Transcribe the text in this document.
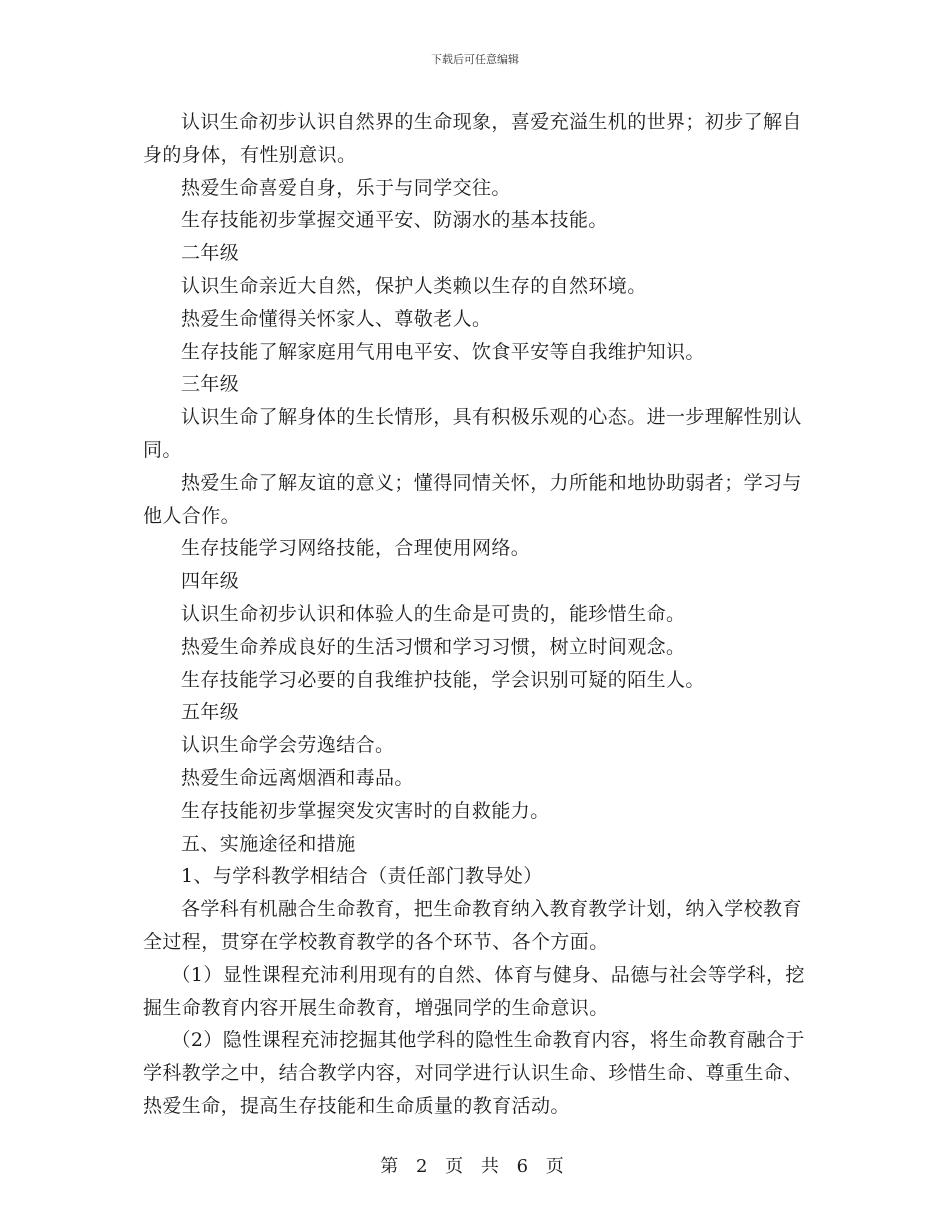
下载后可任意编辑

认识生命初步认识自然界的生命现象，喜爱充溢生机的世界；初步了解自身的身体，有性别意识。

热爱生命喜爱自身，乐于与同学交往。

生存技能初步掌握交通平安、防溺水的基本技能。

二年级

认识生命亲近大自然，保护人类赖以生存的自然环境。

热爱生命懂得关怀家人、尊敬老人。

生存技能了解家庭用气用电平安、饮食平安等自我维护知识。

三年级

认识生命了解身体的生长情形，具有积极乐观的心态。进一步理解性别认同。

热爱生命了解友谊的意义；懂得同情关怀，力所能和地协助弱者；学习与他人合作。

生存技能学习网络技能，合理使用网络。

四年级

认识生命初步认识和体验人的生命是可贵的，能珍惜生命。

热爱生命养成良好的生活习惯和学习习惯，树立时间观念。

生存技能学习必要的自我维护技能，学会识别可疑的陌生人。

五年级

认识生命学会劳逸结合。

热爱生命远离烟酒和毒品。

生存技能初步掌握突发灾害时的自救能力。

五、实施途径和措施

1、与学科教学相结合（责任部门教导处）

各学科有机融合生命教育，把生命教育纳入教育教学计划，纳入学校教育全过程，贯穿在学校教育教学的各个环节、各个方面。

（1）显性课程充沛利用现有的自然、体育与健身、品德与社会等学科，挖掘生命教育内容开展生命教育，增强同学的生命意识。

（2）隐性课程充沛挖掘其他学科的隐性生命教育内容，将生命教育融合于学科教学之中，结合教学内容，对同学进行认识生命、珍惜生命、尊重生命、热爱生命，提高生存技能和生命质量的教育活动。

第 2 页 共 6 页
